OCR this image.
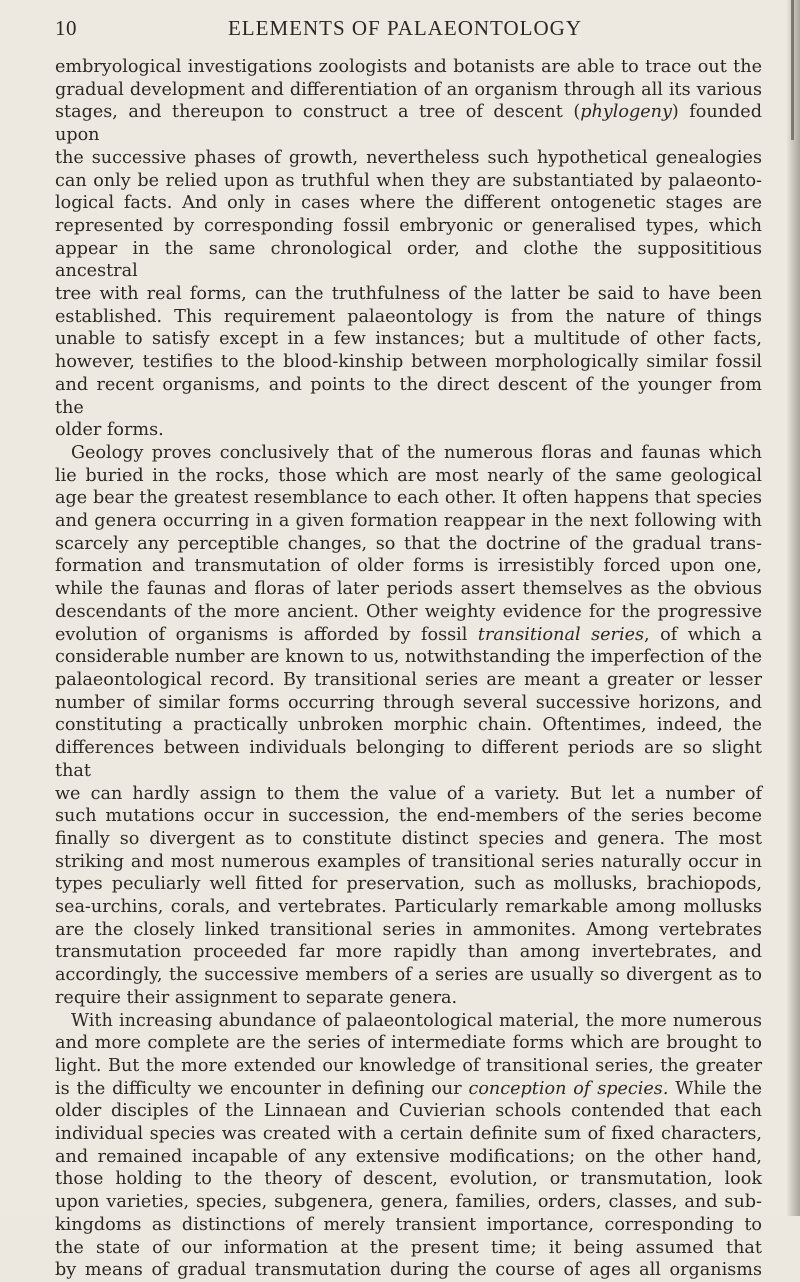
10	ELEMENTS OF PALAEONTOLOGY
embryological investigations zoologists and botanists are able to trace out the
gradual development and differentiation of an organism through all its various
stages, and thereupon to construct a tree of descent (phylogeny) founded upon
the successive phases of growth, nevertheless such hypothetical genealogies
can only be relied upon as truthful when they are substantiated by palaeonto-
logical facts. And only in cases where the different ontogenetic stages are
represented by corresponding fossil embryonic or generalised types, which
appear in the same chronological order, and clothe the supposititious ancestral
tree with real forms, can the truthfulness of the latter be said to have been
established. This requirement palaeontology is from the nature of things
unable to satisfy except in a few instances; but a multitude of other facts,
however, testifies to the blood-kinship between morphologically similar fossil
and recent organisms, and points to the direct descent of the younger from the
older forms.
Geology proves conclusively that of the numerous floras and faunas which
lie buried in the rocks, those which are most nearly of the same geological
age bear the greatest resemblance to each other. It often happens that species
and genera occurring in a given formation reappear in the next following with
scarcely any perceptible changes, so that the doctrine of the gradual trans-
formation and transmutation of older forms is irresistibly forced upon one,
while the faunas and floras of later periods assert themselves as the obvious
descendants of the more ancient. Other weighty evidence for the progressive
evolution of organisms is afforded by fossil transitional series, of which a
considerable number are known to us, notwithstanding the imperfection of the
palaeontological record. By transitional series are meant a greater or lesser
number of similar forms occurring through several successive horizons, and
constituting a practically unbroken morphic chain. Oftentimes, indeed, the
differences between individuals belonging to different periods are so slight that
we can hardly assign to them the value of a variety. But let a number of
such mutations occur in succession, the end-members of the series become
finally so divergent as to constitute distinct species and genera. The most
striking and most numerous examples of transitional series naturally occur in
types peculiarly well fitted for preservation, such as mollusks, brachiopods,
sea-urchins, corals, and vertebrates. Particularly remarkable among mollusks
are the closely linked transitional series in ammonites. Among vertebrates
transmutation proceeded far more rapidly than among invertebrates, and
accordingly, the successive members of a series are usually so divergent as to
require their assignment to separate genera.
With increasing abundance of palaeontological material, the more numerous
and more complete are the series of intermediate forms which are brought to
light. But the more extended our knowledge of transitional series, the greater
is the difficulty we encounter in defining our conception of species. While the
older disciples of the Linnaean and Cuvierian schools contended that each
individual species was created with a certain definite sum of fixed characters,
and remained incapable of any extensive modifications; on the other hand,
those holding to the theory of descent, evolution, or transmutation, look
upon varieties, species, subgenera, genera, families, orders, classes, and sub-
kingdoms as distinctions of merely transient importance, corresponding to
the state of our information at the present time; it being assumed that
by means of gradual transmutation during the course of ages all organisms
